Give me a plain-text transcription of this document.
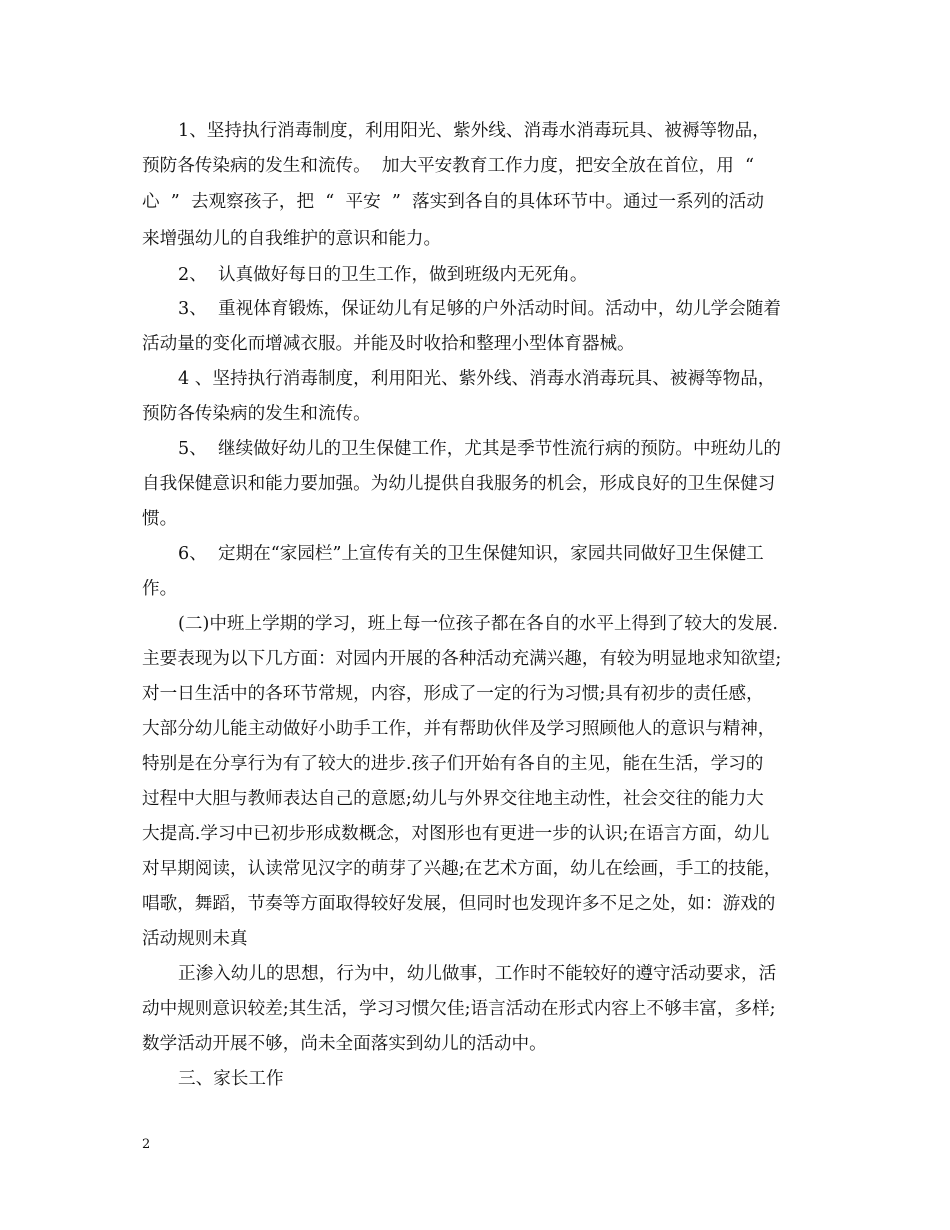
1、坚持执行消毒制度，利用阳光、紫外线、消毒水消毒玩具、被褥等物品，
预防各传染病的发生和流传。  加大平安教育工作力度，把安全放在首位，用  “
心  ”  去观察孩子，把  “  平安  ”  落实到各自的具体环节中。通过一系列的活动
来增强幼儿的自我维护的意识和能力。
2、  认真做好每日的卫生工作，做到班级内无死角。
3、  重视体育锻炼，保证幼儿有足够的户外活动时间。活动中，幼儿学会随着
活动量的变化而增减衣服。并能及时收拾和整理小型体育器械。
4 、坚持执行消毒制度，利用阳光、紫外线、消毒水消毒玩具、被褥等物品，
预防各传染病的发生和流传。
5、  继续做好幼儿的卫生保健工作，尤其是季节性流行病的预防。中班幼儿的
自我保健意识和能力要加强。为幼儿提供自我服务的机会，形成良好的卫生保健习
惯。
6、  定期在“家园栏”上宣传有关的卫生保健知识，家园共同做好卫生保健工
作。
(二)中班上学期的学习，班上每一位孩子都在各自的水平上得到了较大的发展.
主要表现为以下几方面：对园内开展的各种活动充满兴趣，有较为明显地求知欲望;
对一日生活中的各环节常规，内容，形成了一定的行为习惯;具有初步的责任感，
大部分幼儿能主动做好小助手工作，并有帮助伙伴及学习照顾他人的意识与精神，
特别是在分享行为有了较大的进步.孩子们开始有各自的主见，能在生活，学习的
过程中大胆与教师表达自己的意愿;幼儿与外界交往地主动性，社会交往的能力大
大提高.学习中已初步形成数概念，对图形也有更进一步的认识;在语言方面，幼儿
对早期阅读，认读常见汉字的萌芽了兴趣;在艺术方面，幼儿在绘画，手工的技能，
唱歌，舞蹈，节奏等方面取得较好发展，但同时也发现许多不足之处，如：游戏的
活动规则未真
正渗入幼儿的思想，行为中，幼儿做事，工作时不能较好的遵守活动要求，活
动中规则意识较差;其生活，学习习惯欠佳;语言活动在形式内容上不够丰富，多样;
数学活动开展不够，尚未全面落实到幼儿的活动中。
三、家长工作
2
